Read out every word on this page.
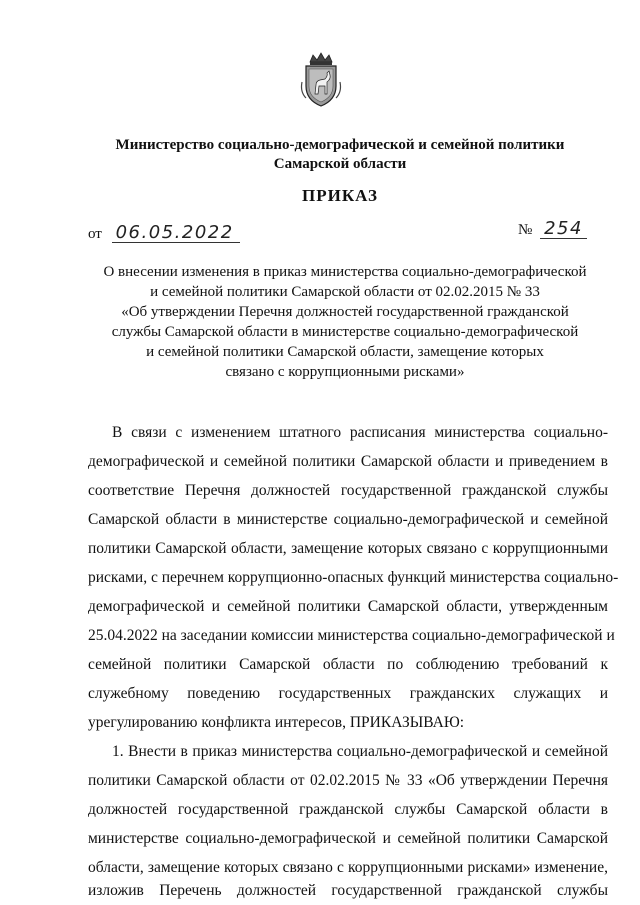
Министерство социально-демографической и семейной политики
Самарской области
ПРИКАЗ
от 06.05.2022	№ 254
О внесении изменения в приказ министерства социально-демографической
и семейной политики Самарской области от 02.02.2015 № 33
«Об утверждении Перечня должностей государственной гражданской
службы Самарской области в министерстве социально-демографической
и семейной политики Самарской области, замещение которых
связано с коррупционными рисками»
В связи с изменением штатного расписания министерства социально-
демографической и семейной политики Самарской области и приведением в
соответствие Перечня должностей государственной гражданской службы
Самарской области в министерстве социально-демографической и семейной
политики Самарской области, замещение которых связано с коррупционными
рисками, с перечнем коррупционно-опасных функций министерства социально-
демографической и семейной политики Самарской области, утвержденным
25.04.2022 на заседании комиссии министерства социально-демографической и
семейной политики Самарской области по соблюдению требований к
служебному поведению государственных гражданских служащих и
урегулированию конфликта интересов, ПРИКАЗЫВАЮ:
1. Внести в приказ министерства социально-демографической и семейной
политики Самарской области от 02.02.2015 № 33 «Об утверждении Перечня
должностей государственной гражданской службы Самарской области в
министерстве социально-демографической и семейной политики Самарской
области, замещение которых связано с коррупционными рисками» изменение,
изложив Перечень должностей государственной гражданской службы
